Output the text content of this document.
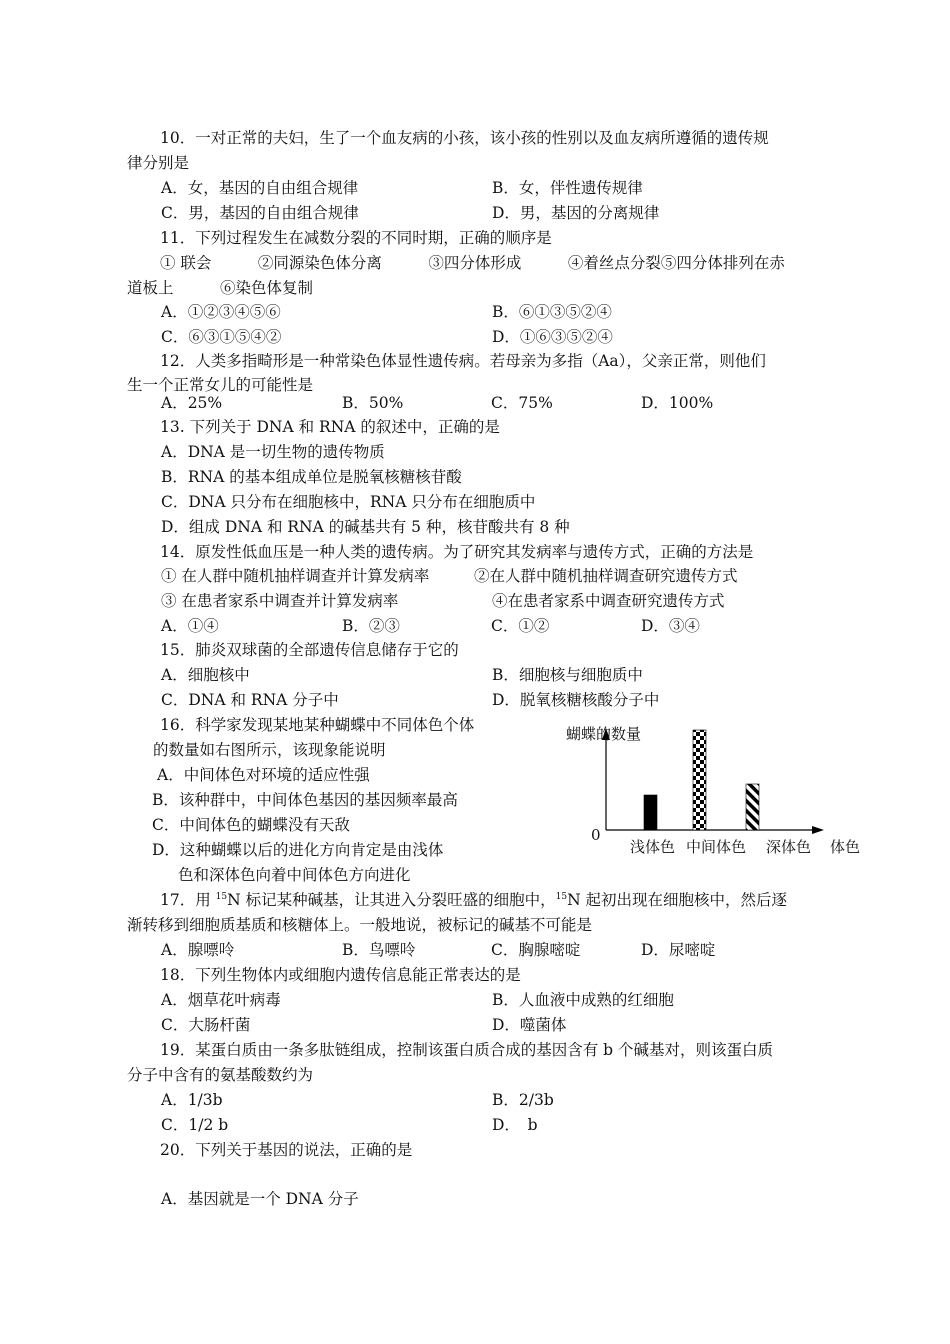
10．一对正常的夫妇，生了一个血友病的小孩，该小孩的性别以及血友病所遵循的遗传规
律分别是
A．女，基因的自由组合规律	B．女，伴性遗传规律
C．男，基因的自由组合规律	D．男，基因的分离规律
11．下列过程发生在减数分裂的不同时期，正确的顺序是
① 联会　　　②同源染色体分离　　　③四分体形成　　　④着丝点分裂⑤四分体排列在赤
道板上　　　⑥染色体复制
A．①②③④⑤⑥	B．⑥①③⑤②④
C．⑥③①⑤④②	D．①⑥③⑤②④
12．人类多指畸形是一种常染色体显性遗传病。若母亲为多指（Aa），父亲正常，则他们
生一个正常女儿的可能性是
A．25%	B．50%	C．75%	D．100%
13. 下列关于 DNA 和 RNA 的叙述中，正确的是
A．DNA 是一切生物的遗传物质
B．RNA 的基本组成单位是脱氧核糖核苷酸
C．DNA 只分布在细胞核中，RNA 只分布在细胞质中
D．组成 DNA 和 RNA 的碱基共有 5 种，核苷酸共有 8 种
14．原发性低血压是一种人类的遗传病。为了研究其发病率与遗传方式，正确的方法是
① 在人群中随机抽样调查并计算发病率	②在人群中随机抽样调查研究遗传方式
③ 在患者家系中调查并计算发病率	④在患者家系中调查研究遗传方式
A．①④	B．②③	C．①②	D．③④
15．肺炎双球菌的全部遗传信息储存于它的
A．细胞核中	B．细胞核与细胞质中
C．DNA 和 RNA 分子中	D．脱氧核糖核酸分子中
16．科学家发现某地某种蝴蝶中不同体色个体
的数量如右图所示，该现象能说明
A．中间体色对环境的适应性强
B．该种群中，中间体色基因的基因频率最高
C．中间体色的蝴蝶没有天敌
D．这种蝴蝶以后的进化方向肯定是由浅体
色和深体色向着中间体色方向进化
蝴蝶的数量
0
体色
浅体色 中间体色 深体色
17．用 $^{15}$N 标记某种碱基，让其进入分裂旺盛的细胞中，$^{15}$N 起初出现在细胞核中，然后逐
渐转移到细胞质基质和核糖体上。一般地说，被标记的碱基不可能是
A．腺嘌呤	B．鸟嘌呤	C．胸腺嘧啶	D．尿嘧啶
18．下列生物体内或细胞内遗传信息能正常表达的是
A．烟草花叶病毒	B．人血液中成熟的红细胞
C．大肠杆菌	D．噬菌体
19．某蛋白质由一条多肽链组成，控制该蛋白质合成的基因含有 b 个碱基对，则该蛋白质
分子中含有的氨基酸数约为
A．1/3b	B．2/3b
C．1/2 b	D．　b
20．下列关于基因的说法，正确的是
A．基因就是一个 DNA 分子
